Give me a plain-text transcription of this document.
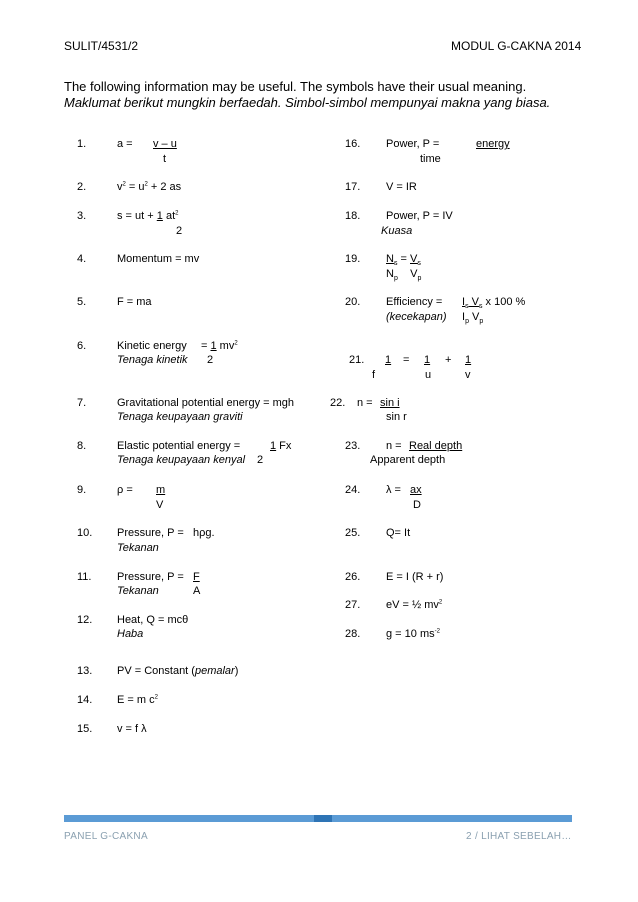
SULIT/4531/2	MODUL G-CAKNA 2014
The following information may be useful. The symbols have their usual meaning.
Maklumat berikut mungkin berfaedah. Simbol-simbol mempunyai makna yang biasa.
1.	a = v – u
t
2.	$v^2 = u^2 + 2$ as
3.	s = ut + 1 $at^2$
2
4.	Momentum = mv
5.	F = ma
6.	Kinetic energy = 1 $mv^2$
Tenaga kinetik 2
7.	Gravitational potential energy = mgh
Tenaga keupayaan graviti
8.	Elastic potential energy =	1 Fx
Tenaga keupayaan kenyal 2
9.	ρ = m
V
10. Pressure, P = hρg.
Tekanan
11. Pressure, P = F
Tekanan	A
12. Heat, Q = mcθ
Haba
13. PV = Constant (pemalar)
14. E = m $c^2$
15. v = f λ
16. Power, P =	energy
time
17. V = IR
18. Power, P = IV
Kuasa
19. $N_s = V_s$
$N_p$ $V_p$
20. Efficiency = $I_s$ $V_s$ x 100 %
(kecekapan) $I_p$ $V_p$
21. 1 = 1 + 1
f	u	v
22. n = sin i
sin r
23. n = Real depth
Apparent depth
24. λ = ax
D
25. Q= It
26. E = I (R + r)
27. eV = ½ $mv^2$
28. g = 10 $ms^{-2}$
PANEL G-CAKNA	2 / LIHAT SEBELAH…
